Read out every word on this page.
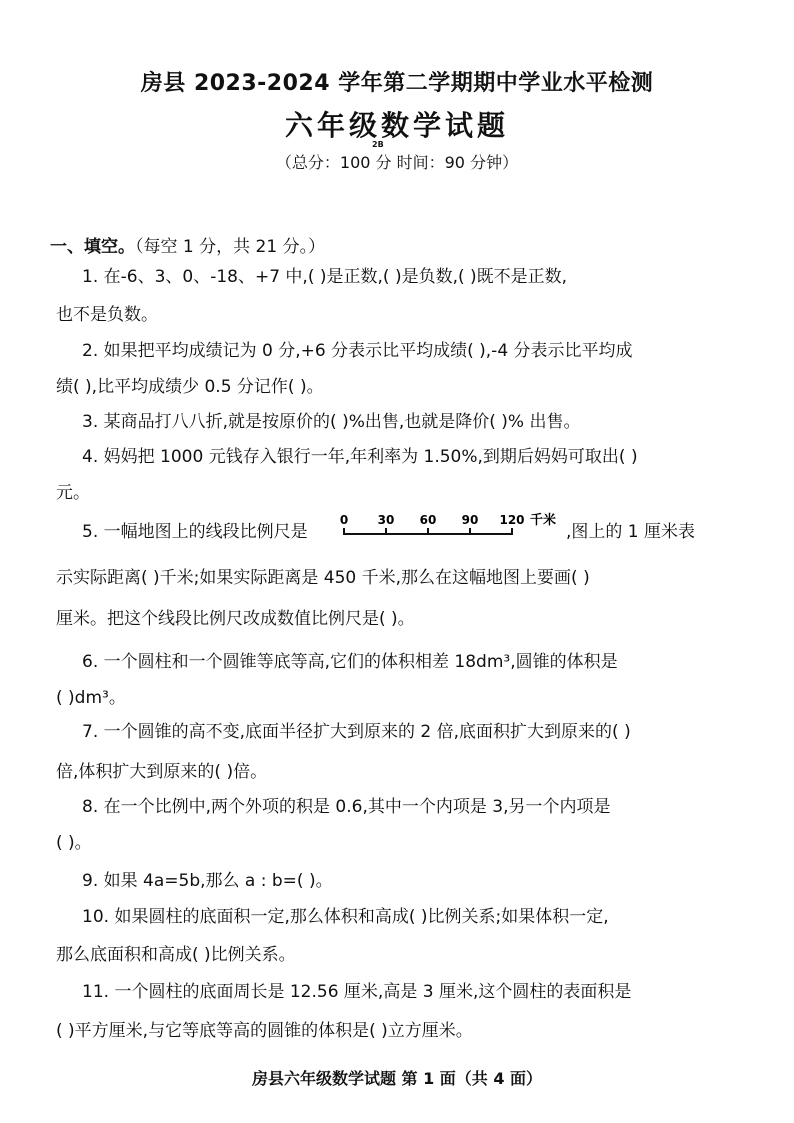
房县 2023-2024 学年第二学期期中学业水平检测
六年级数学试题
2B
（总分：100 分 时间：90 分钟）
一、填空。（每空 1 分，共 21 分。）
1. 在-6、3、0、-18、+7 中,( )是正数,( )是负数,( )既不是正数,
也不是负数。
2. 如果把平均成绩记为 0 分,+6 分表示比平均成绩( ),-4 分表示比平均成
绩( ),比平均成绩少 0.5 分记作( )。
3. 某商品打八八折,就是按原价的( )%出售,也就是降价( )% 出售。
4. 妈妈把 1000 元钱存入银行一年,年利率为 1.50%,到期后妈妈可取出( )
元。
5. 一幅地图上的线段比例尺是
0 30 60 90 120 千米
,图上的 1 厘米表
示实际距离( )千米;如果实际距离是 450 千米,那么在这幅地图上要画( )
厘米。把这个线段比例尺改成数值比例尺是( )。
6. 一个圆柱和一个圆锥等底等高,它们的体积相差 18dm³,圆锥的体积是
( )dm³。
7. 一个圆锥的高不变,底面半径扩大到原来的 2 倍,底面积扩大到原来的( )
倍,体积扩大到原来的( )倍。
8. 在一个比例中,两个外项的积是 0.6,其中一个内项是 3,另一个内项是
( )。
9. 如果 4a=5b,那么 a : b=( )。
10. 如果圆柱的底面积一定,那么体积和高成( )比例关系;如果体积一定,
那么底面积和高成( )比例关系。
11. 一个圆柱的底面周长是 12.56 厘米,高是 3 厘米,这个圆柱的表面积是
( )平方厘米,与它等底等高的圆锥的体积是( )立方厘米。
房县六年级数学试题 第 1 面（共 4 面）
